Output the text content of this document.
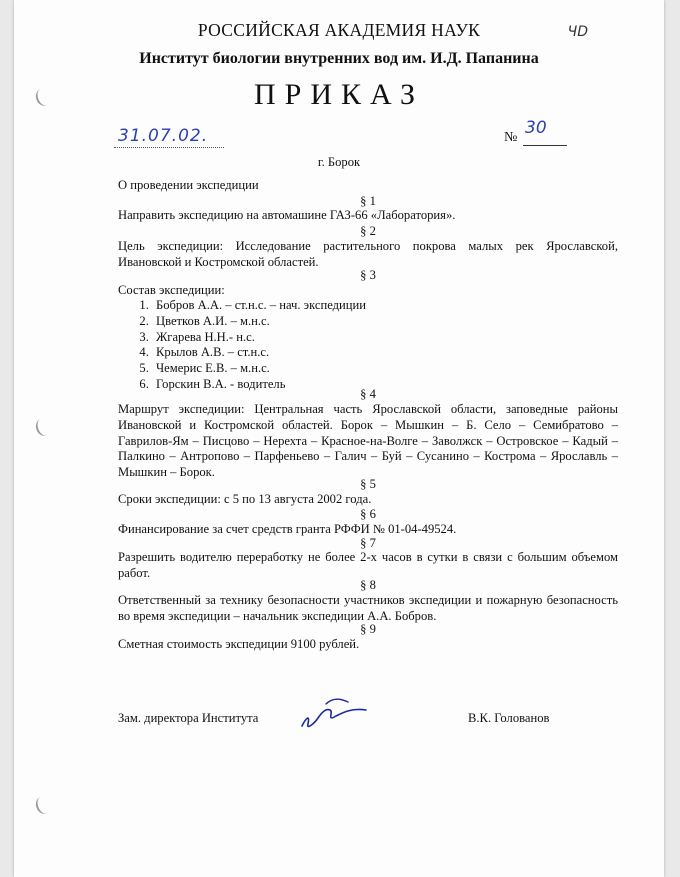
ЧD
РОССИЙСКАЯ АКАДЕМИЯ НАУК
Институт биологии внутренних вод им. И.Д. Папанина
ПРИКАЗ
31.07.02.	№ 30
г. Борок
О проведении экспедиции
§ 1
Направить экспедицию на автомашине ГАЗ-66 «Лаборатория».
§ 2
Цель экспедиции: Исследование растительного покрова малых рек Ярославской, Ивановской и Костромской областей.
§ 3
Состав экспедиции:
1. Бобров А.А. – ст.н.с. – нач. экспедиции
2. Цветков А.И. – м.н.с.
3. Жгарева Н.Н.- н.с.
4. Крылов А.В. – ст.н.с.
5. Чемерис Е.В. – м.н.с.
6. Горскин В.А. - водитель
§ 4
Маршрут экспедиции: Центральная часть Ярославской области, заповедные районы Ивановской и Костромской областей. Борок – Мышкин – Б. Село – Семибратово – Гаврилов-Ям – Писцово – Нерехта – Красное-на-Волге – Заволжск – Островское – Кадый – Палкино – Антропово – Парфеньево – Галич – Буй – Сусанино – Кострома – Ярославль – Мышкин – Борок.
§ 5
Сроки экспедиции: с 5 по 13 августа 2002 года.
§ 6
Финансирование за счет средств гранта РФФИ № 01-04-49524.
§ 7
Разрешить водителю переработку не более 2-х часов в сутки в связи с большим объемом работ.
§ 8
Ответственный за технику безопасности участников экспедиции и пожарную безопасность во время экспедиции – начальник экспедиции А.А. Бобров.
§ 9
Сметная стоимость экспедиции 9100 рублей.
Зам. директора Института	В.К. Голованов
